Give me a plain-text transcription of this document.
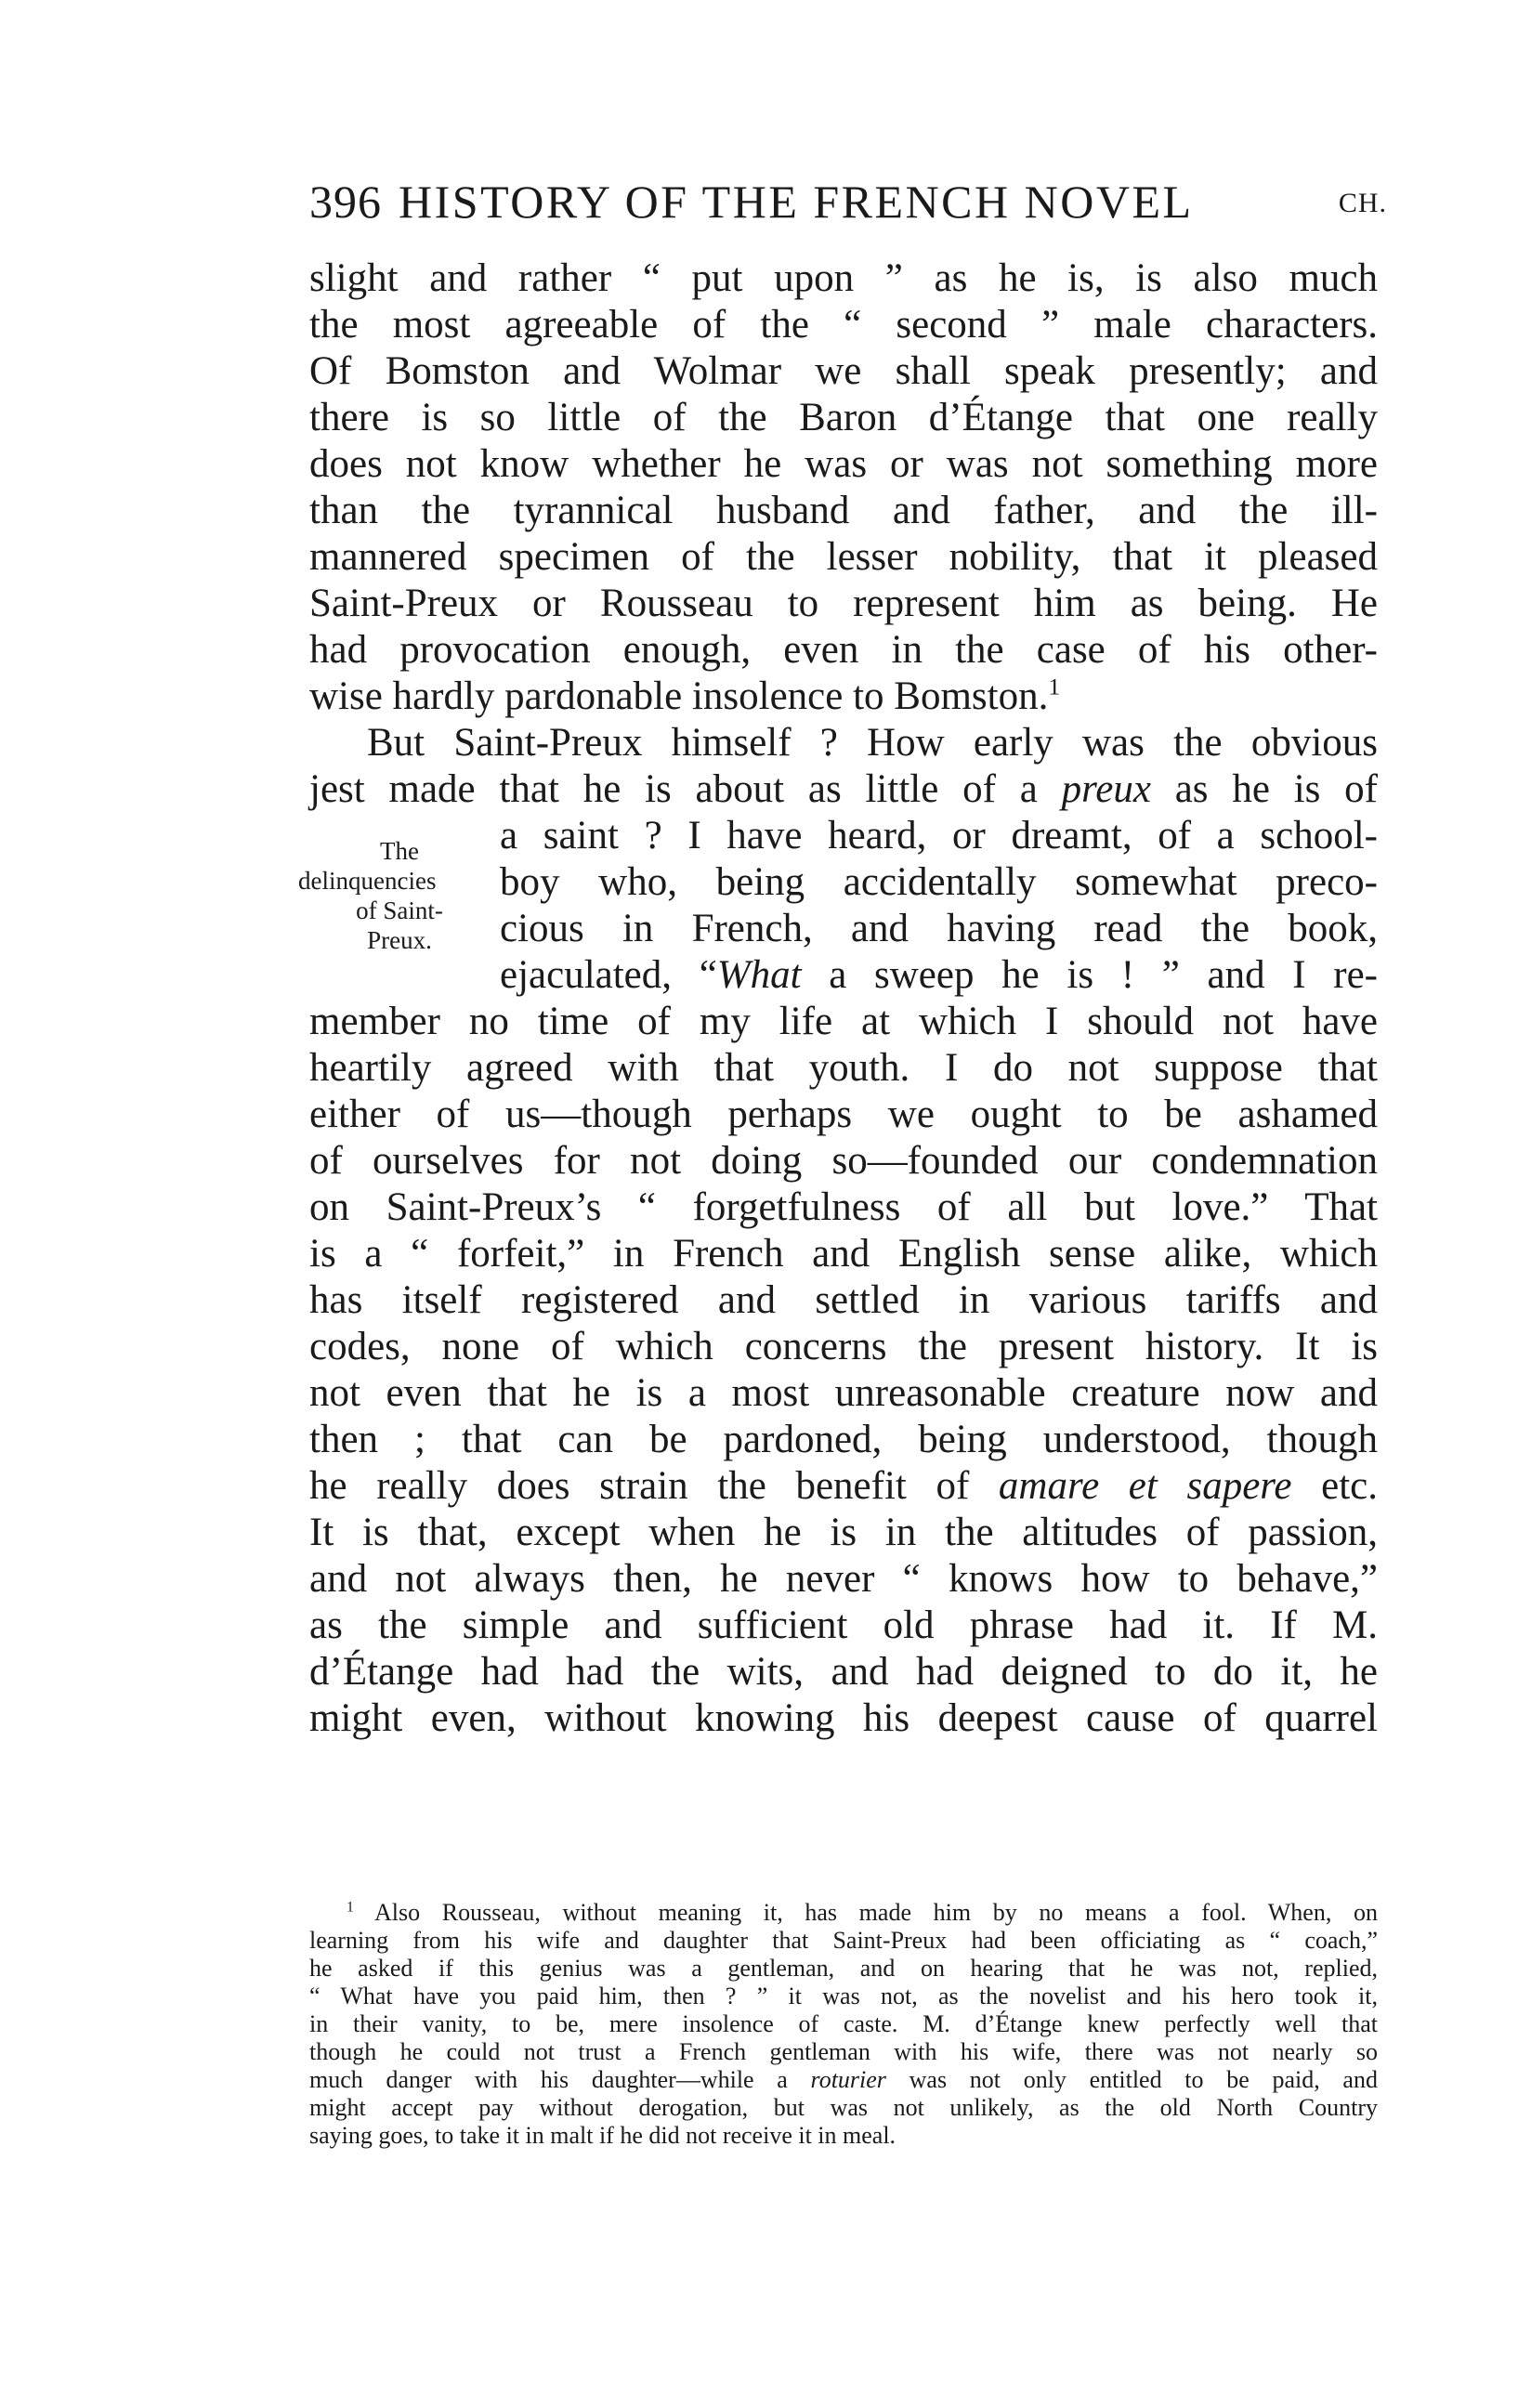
396 HISTORY OF THE FRENCH NOVEL	CH.
slight and rather “ put upon ” as he is, is also much
the most agreeable of the “ second ” male characters.
Of Bomston and Wolmar we shall speak presently; and
there is so little of the Baron d’Étange that one really
does not know whether he was or was not something more
than the tyrannical husband and father, and the ill-
mannered specimen of the lesser nobility, that it pleased
Saint-Preux or Rousseau to represent him as being. He
had provocation enough, even in the case of his other-
wise hardly pardonable insolence to Bomston.$^1$
But Saint-Preux himself ? How early was the obvious
jest made that he is about as little of a preux as he is of
a saint ? I have heard, or dreamt, of a school-
boy who, being accidentally somewhat preco-
cious in French, and having read the book,
ejaculated, “What a sweep he is ! ” and I re-
member no time of my life at which I should not have
heartily agreed with that youth. I do not suppose that
either of us—though perhaps we ought to be ashamed
of ourselves for not doing so—founded our condemnation
on Saint-Preux’s “ forgetfulness of all but love.” That
is a “ forfeit,” in French and English sense alike, which
has itself registered and settled in various tariffs and
codes, none of which concerns the present history. It is
not even that he is a most unreasonable creature now and
then ; that can be pardoned, being understood, though
he really does strain the benefit of amare et sapere etc.
It is that, except when he is in the altitudes of passion,
and not always then, he never “ knows how to behave,”
as the simple and sufficient old phrase had it. If M.
d’Étange had had the wits, and had deigned to do it, he
might even, without knowing his deepest cause of quarrel
The
delinquencies
of Saint-
Preux.
$^1$ Also Rousseau, without meaning it, has made him by no means a fool. When, on
learning from his wife and daughter that Saint-Preux had been officiating as “ coach,”
he asked if this genius was a gentleman, and on hearing that he was not, replied,
“ What have you paid him, then ? ” it was not, as the novelist and his hero took it,
in their vanity, to be, mere insolence of caste. M. d’Étange knew perfectly well that
though he could not trust a French gentleman with his wife, there was not nearly so
much danger with his daughter—while a roturier was not only entitled to be paid, and
might accept pay without derogation, but was not unlikely, as the old North Country
saying goes, to take it in malt if he did not receive it in meal.
